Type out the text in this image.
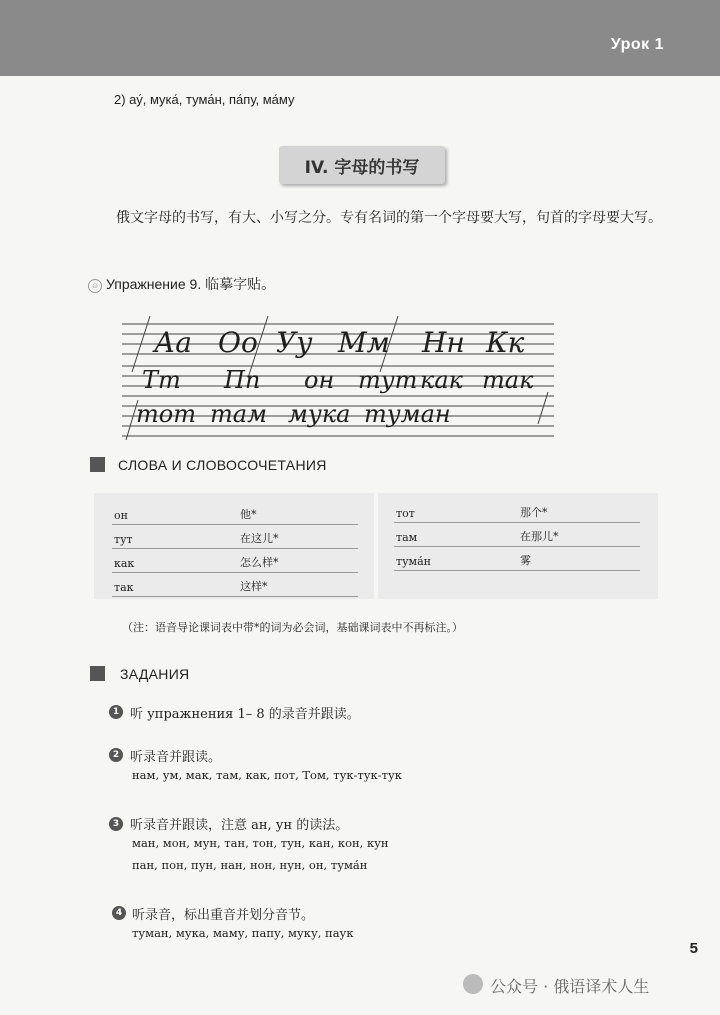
Урок 1
2) ау́, мука́, тума́н, па́пу, ма́му
IV. 字母的书写
俄文字母的书写，有大、小写之分。专有名词的第一个字母要大写，句首的字母要大写。
⊙ Упражнение 9. 临摹字贴。
Аа Оо Уу Мм Нн Кк
Тт Пп он тут как так
тот там мука туман
СЛОВА И СЛОВОСОЧЕТАНИЯ
он	他*
тут	在这儿*
как	怎么样*
так	这样*
тот	那个*
там	在那儿*
тума́н	雾
（注：语音导论课词表中带*的词为必会词，基础课词表中不再标注。）
ЗАДАНИЯ
1 听 упражнения 1– 8 的录音并跟读。
2 听录音并跟读。
нам, ум, мак, там, как, пот, Том, тук-тук-тук
3 听录音并跟读，注意 ан, ун 的读法。
ман, мон, мун, тан, тон, тун, кан, кон, кун
пан, пон, пун, нан, нон, нун, он, тума́н
4 听录音，标出重音并划分音节。
туман, мука, маму, папу, муку, паук
5
公众号 · 俄语译术人生
